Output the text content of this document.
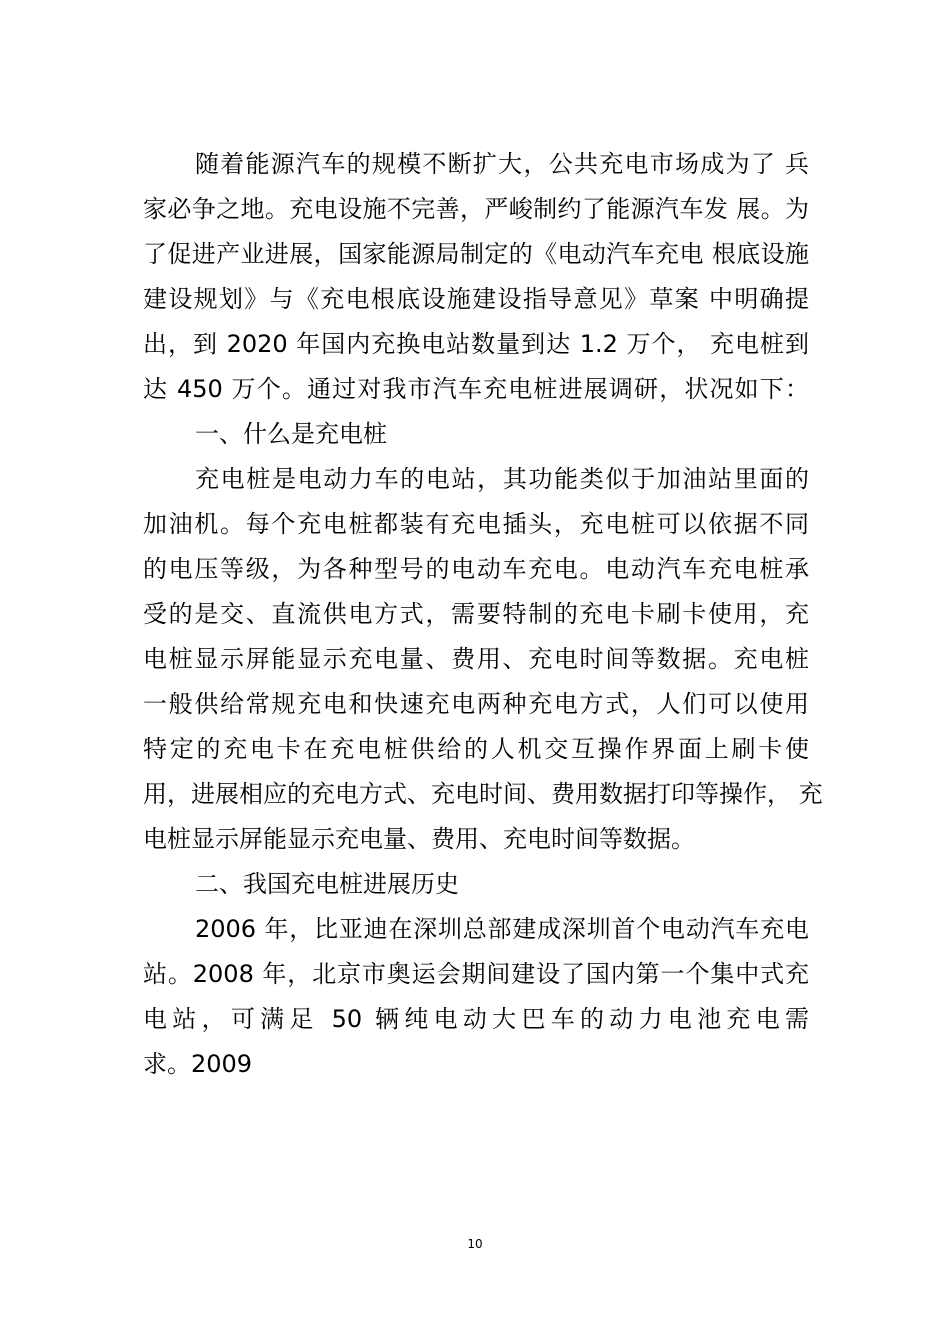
随着能源汽车的规模不断扩大，公共充电市场成为了 兵
家必争之地。充电设施不完善，严峻制约了能源汽车发 展。为
了促进产业进展，国家能源局制定的《电动汽车充电 根底设施
建设规划》与《充电根底设施建设指导意见》草案 中明确提
出，到 2020 年国内充换电站数量到达 1.2 万个， 充电桩到
达 450 万个。通过对我市汽车充电桩进展调研，状况如下：
一、什么是充电桩
充电桩是电动力车的电站，其功能类似于加油站里面的
加油机。每个充电桩都装有充电插头，充电桩可以依据不同
的电压等级，为各种型号的电动车充电。电动汽车充电桩承
受的是交、直流供电方式，需要特制的充电卡刷卡使用，充
电桩显示屏能显示充电量、费用、充电时间等数据。充电桩
一般供给常规充电和快速充电两种充电方式，人们可以使用
特定的充电卡在充电桩供给的人机交互操作界面上刷卡使
用，进展相应的充电方式、充电时间、费用数据打印等操作， 充
电桩显示屏能显示充电量、费用、充电时间等数据。
二、我国充电桩进展历史
2006 年，比亚迪在深圳总部建成深圳首个电动汽车充电
站。2008 年，北京市奥运会期间建设了国内第一个集中式充
电站，可满足 50 辆纯电动大巴车的动力电池充电需
求。2009
10
